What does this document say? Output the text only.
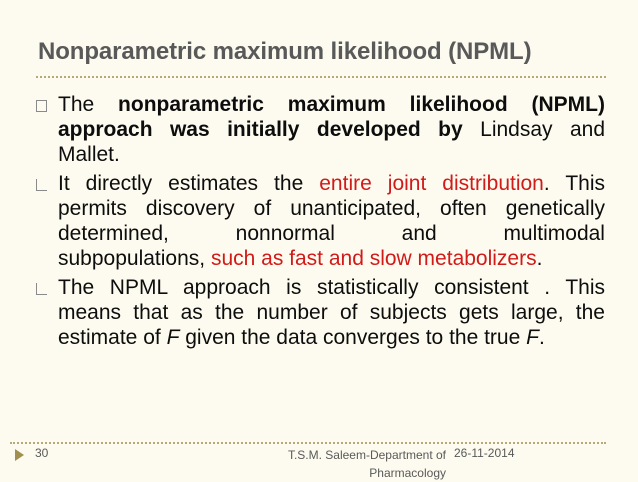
Nonparametric maximum likelihood (NPML)
The nonparametric maximum likelihood (NPML)
approach was initially developed by Lindsay and
Mallet.
It directly estimates the entire joint distribution. This
permits discovery of unanticipated, often genetically
determined,	nonnormal	and	multimodal
subpopulations, such as fast and slow metabolizers.
The NPML approach is statistically consistent . This
means that as the number of subjects gets large, the
estimate of F given the data converges to the true F.
30	T.S.M. Saleem-Department of
Pharmacology
26-11-2014
